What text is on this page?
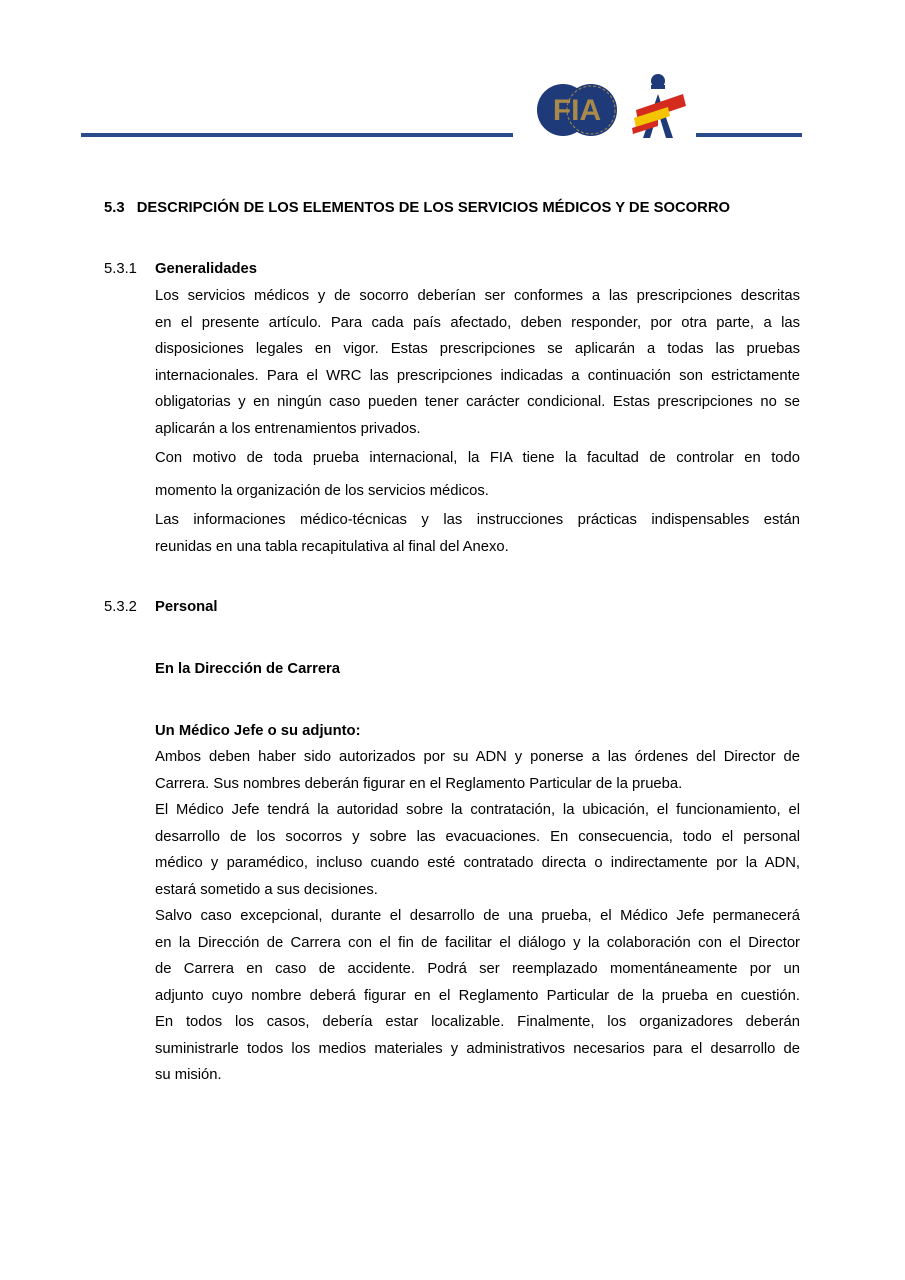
FIA
5.3 DESCRIPCIÓN DE LOS ELEMENTOS DE LOS SERVICIOS MÉDICOS Y DE SOCORRO
5.3.1 Generalidades
Los servicios médicos y de socorro deberían ser conformes a las prescripciones descritas
en el presente artículo. Para cada país afectado, deben responder, por otra parte, a las
disposiciones legales en vigor. Estas prescripciones se aplicarán a todas las pruebas
internacionales. Para el WRC las prescripciones indicadas a continuación son estrictamente
obligatorias y en ningún caso pueden tener carácter condicional. Estas prescripciones no se
aplicarán a los entrenamientos privados.
Con motivo de toda prueba internacional, la FIA tiene la facultad de controlar en todo
momento la organización de los servicios médicos.
Las informaciones médico-técnicas y las instrucciones prácticas indispensables están
reunidas en una tabla recapitulativa al final del Anexo.
5.3.2 Personal
En la Dirección de Carrera
Un Médico Jefe o su adjunto:
Ambos deben haber sido autorizados por su ADN y ponerse a las órdenes del Director de
Carrera. Sus nombres deberán figurar en el Reglamento Particular de la prueba.
El Médico Jefe tendrá la autoridad sobre la contratación, la ubicación, el funcionamiento, el
desarrollo de los socorros y sobre las evacuaciones. En consecuencia, todo el personal
médico y paramédico, incluso cuando esté contratado directa o indirectamente por la ADN,
estará sometido a sus decisiones.
Salvo caso excepcional, durante el desarrollo de una prueba, el Médico Jefe permanecerá
en la Dirección de Carrera con el fin de facilitar el diálogo y la colaboración con el Director
de Carrera en caso de accidente. Podrá ser reemplazado momentáneamente por un
adjunto cuyo nombre deberá figurar en el Reglamento Particular de la prueba en cuestión.
En todos los casos, debería estar localizable. Finalmente, los organizadores deberán
suministrarle todos los medios materiales y administrativos necesarios para el desarrollo de
su misión.
